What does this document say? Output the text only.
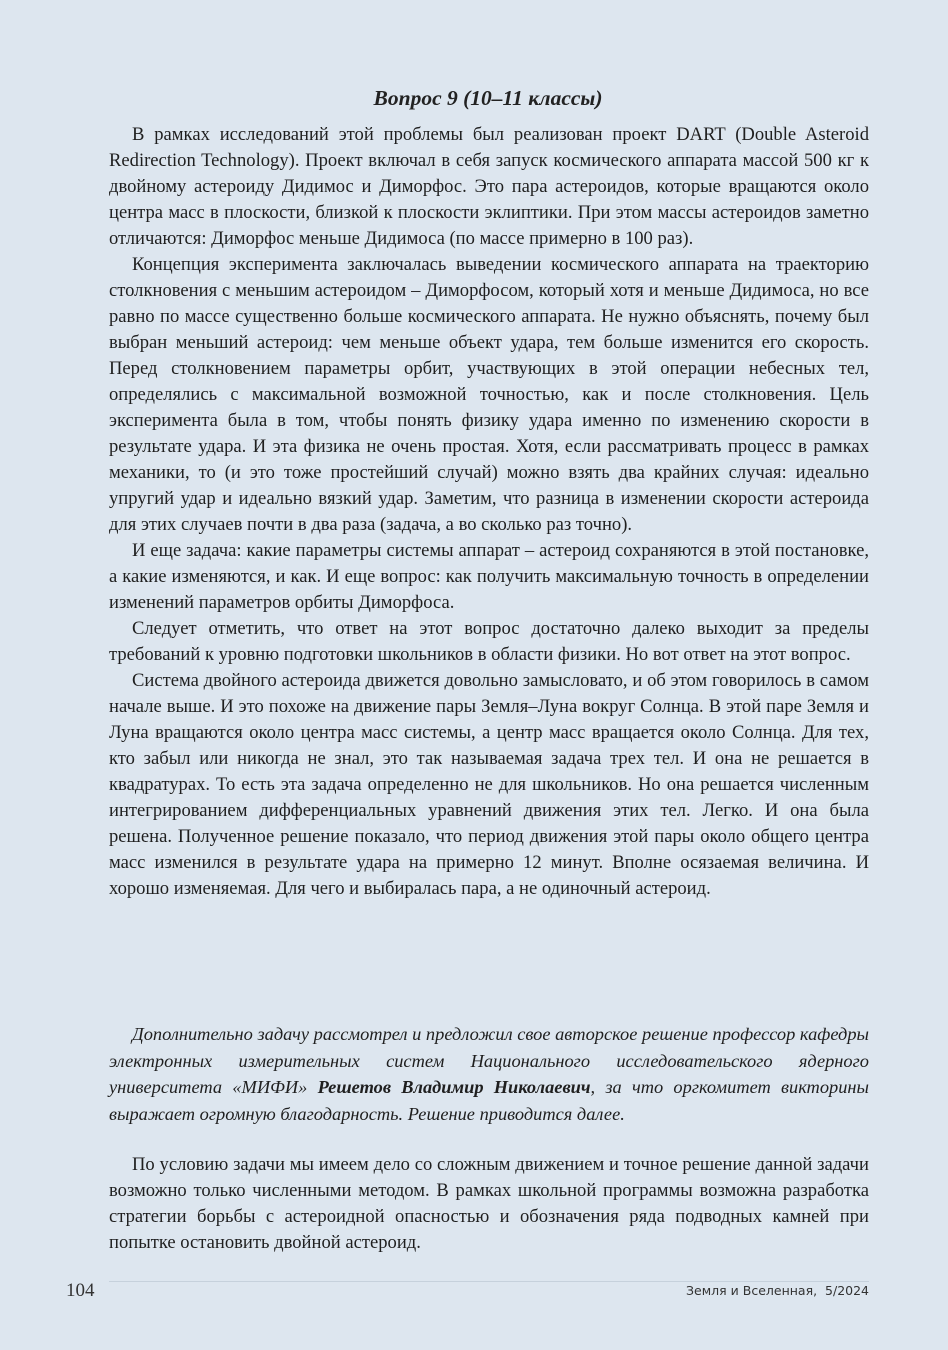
Вопрос 9 (10–11 классы)

В рамках исследований этой проблемы был реализован проект DART (Double Asteroid Redirection Technology). Проект включал в себя запуск космического аппарата массой 500 кг к двойному астероиду Дидимос и Диморфос. Это пара астероидов, которые вращаются около центра масс в плоскости, близкой к плоскости эклиптики. При этом массы астероидов заметно отличаются: Диморфос меньше Дидимоса (по массе примерно в 100 раз).

Концепция эксперимента заключалась выведении космического аппарата на траекторию столкновения с меньшим астероидом – Диморфосом, который хотя и меньше Дидимоса, но все равно по массе существенно больше космического аппарата. Не нужно объяснять, почему был выбран меньший астероид: чем меньше объект удара, тем больше изменится его скорость. Перед столкновением параметры орбит, участвующих в этой операции небесных тел, определялись с максимальной возможной точностью, как и после столкновения. Цель эксперимента была в том, чтобы понять физику удара именно по изменению скорости в результате удара. И эта физика не очень простая. Хотя, если рассматривать процесс в рамках механики, то (и это тоже простейший случай) можно взять два крайних случая: идеально упругий удар и идеально вязкий удар. Заметим, что разница в изменении скорости астероида для этих случаев почти в два раза (задача, а во сколько раз точно).

И еще задача: какие параметры системы аппарат – астероид сохраняются в этой постановке, а какие изменяются, и как. И еще вопрос: как получить максимальную точность в определении изменений параметров орбиты Диморфоса.

Следует отметить, что ответ на этот вопрос достаточно далеко выходит за пределы требований к уровню подготовки школьников в области физики. Но вот ответ на этот вопрос.

Система двойного астероида движется довольно замысловато, и об этом говорилось в самом начале выше. И это похоже на движение пары Земля–Луна вокруг Солнца. В этой паре Земля и Луна вращаются около центра масс системы, а центр масс вращается около Солнца. Для тех, кто забыл или никогда не знал, это так называемая задача трех тел. И она не решается в квадратурах. То есть эта задача определенно не для школьников. Но она решается численным интегрированием дифференциальных уравнений движения этих тел. Легко. И она была решена. Полученное решение показало, что период движения этой пары около общего центра масс изменился в результате удара на примерно 12 минут. Вполне осязаемая величина. И хорошо изменяемая. Для чего и выбиралась пара, а не одиночный астероид.

Дополнительно задачу рассмотрел и предложил свое авторское решение профессор кафедры электронных измерительных систем Национального исследовательского ядерного университета «МИФИ» Решетов Владимир Николаевич, за что оргкомитет викторины выражает огромную благодарность. Решение приводится далее.

По условию задачи мы имеем дело со сложным движением и точное решение данной задачи возможно только численными методом. В рамках школьной программы возможна разработка стратегии борьбы с астероидной опасностью и обозначения ряда подводных камней при попытке остановить двойной астероид.

104	Земля и Вселенная,  5/2024
